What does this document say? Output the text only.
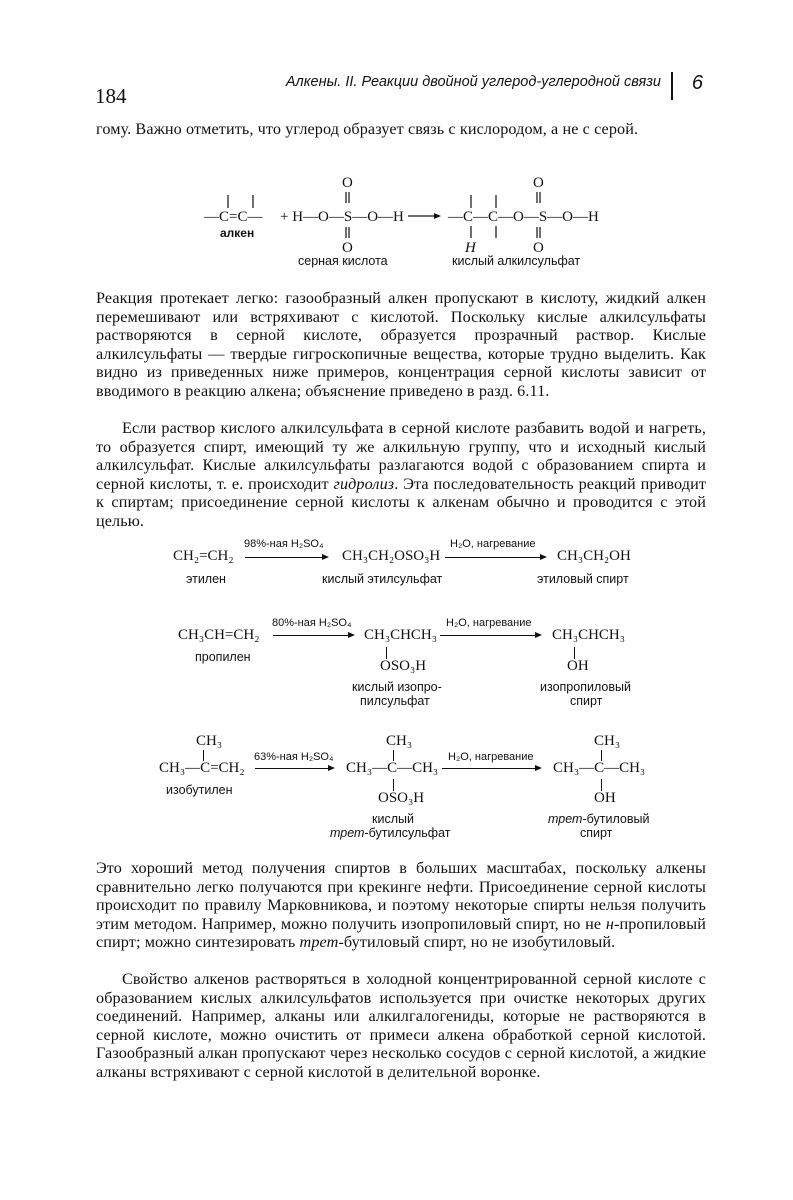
184
Алкены. II. Реакции двойной углерод-углеродной связи 6
гому. Важно отметить, что углерод образует связь с кислородом, а не с серой.
—C=C— + H—O—S—O—H
O
O
—C—C—O—S—O—H
H
O
O
алкен
серная кислота	кислый алкилсульфат
Реакция протекает легко: газообразный алкен пропускают в кислоту, жидкий алкен перемешивают или встряхивают с кислотой. Поскольку кислые алкилсульфаты растворяются в серной кислоте, образуется прозрачный раствор. Кислые алкилсульфаты — твердые гигроскопичные вещества, которые трудно выделить. Как видно из приведенных ниже примеров, концентрация серной кислоты зависит от вводимого в реакцию алкена; объяснение приведено в разд. 6.11.
Если раствор кислого алкилсульфата в серной кислоте разбавить водой и нагреть, то образуется спирт, имеющий ту же алкильную группу, что и исходный кислый алкилсульфат. Кислые алкилсульфаты разлагаются водой с образованием спирта и серной кислоты, т. е. происходит гидролиз. Эта последовательность реакций приводит к спиртам; присоединение серной кислоты к алкенам обычно и проводится с этой целью.
CH₂=CH₂
этилен
98%-ная H₂SO₄
CH₃CH₂OSO₃H
кислый этилсульфат
H₂O, нагревание
CH₃CH₂OH
этиловый спирт
CH₃CH=CH₂
пропилен
80%-ная H₂SO₄
CH₃CHCH₃
OSO₃H
кислый изопро-
пилсульфат
H₂O, нагревание
CH₃CHCH₃
OH
изопропиловый
спирт
CH₃
CH₃—C=CH₂
изобутилен
63%-ная H₂SO₄
CH₃
CH₃—C—CH₃
OSO₃H
кислый
трет-бутилсульфат
H₂O, нагревание
CH₃
CH₃—C—CH₃
OH
трет-бутиловый
спирт
Это хороший метод получения спиртов в больших масштабах, поскольку алкены сравнительно легко получаются при крекинге нефти. Присоединение серной кислоты происходит по правилу Марковникова, и поэтому некоторые спирты нельзя получить этим методом. Например, можно получить изопропиловый спирт, но не н-пропиловый спирт; можно синтезировать трет-бутиловый спирт, но не изобутиловый.
Свойство алкенов растворяться в холодной концентрированной серной кислоте с образованием кислых алкилсульфатов используется при очистке некоторых других соединений. Например, алканы или алкилгалогениды, которые не растворяются в серной кислоте, можно очистить от примеси алкена обработкой серной кислотой. Газообразный алкан пропускают через несколько сосудов с серной кислотой, а жидкие алканы встряхивают с серной кислотой в делительной воронке.
